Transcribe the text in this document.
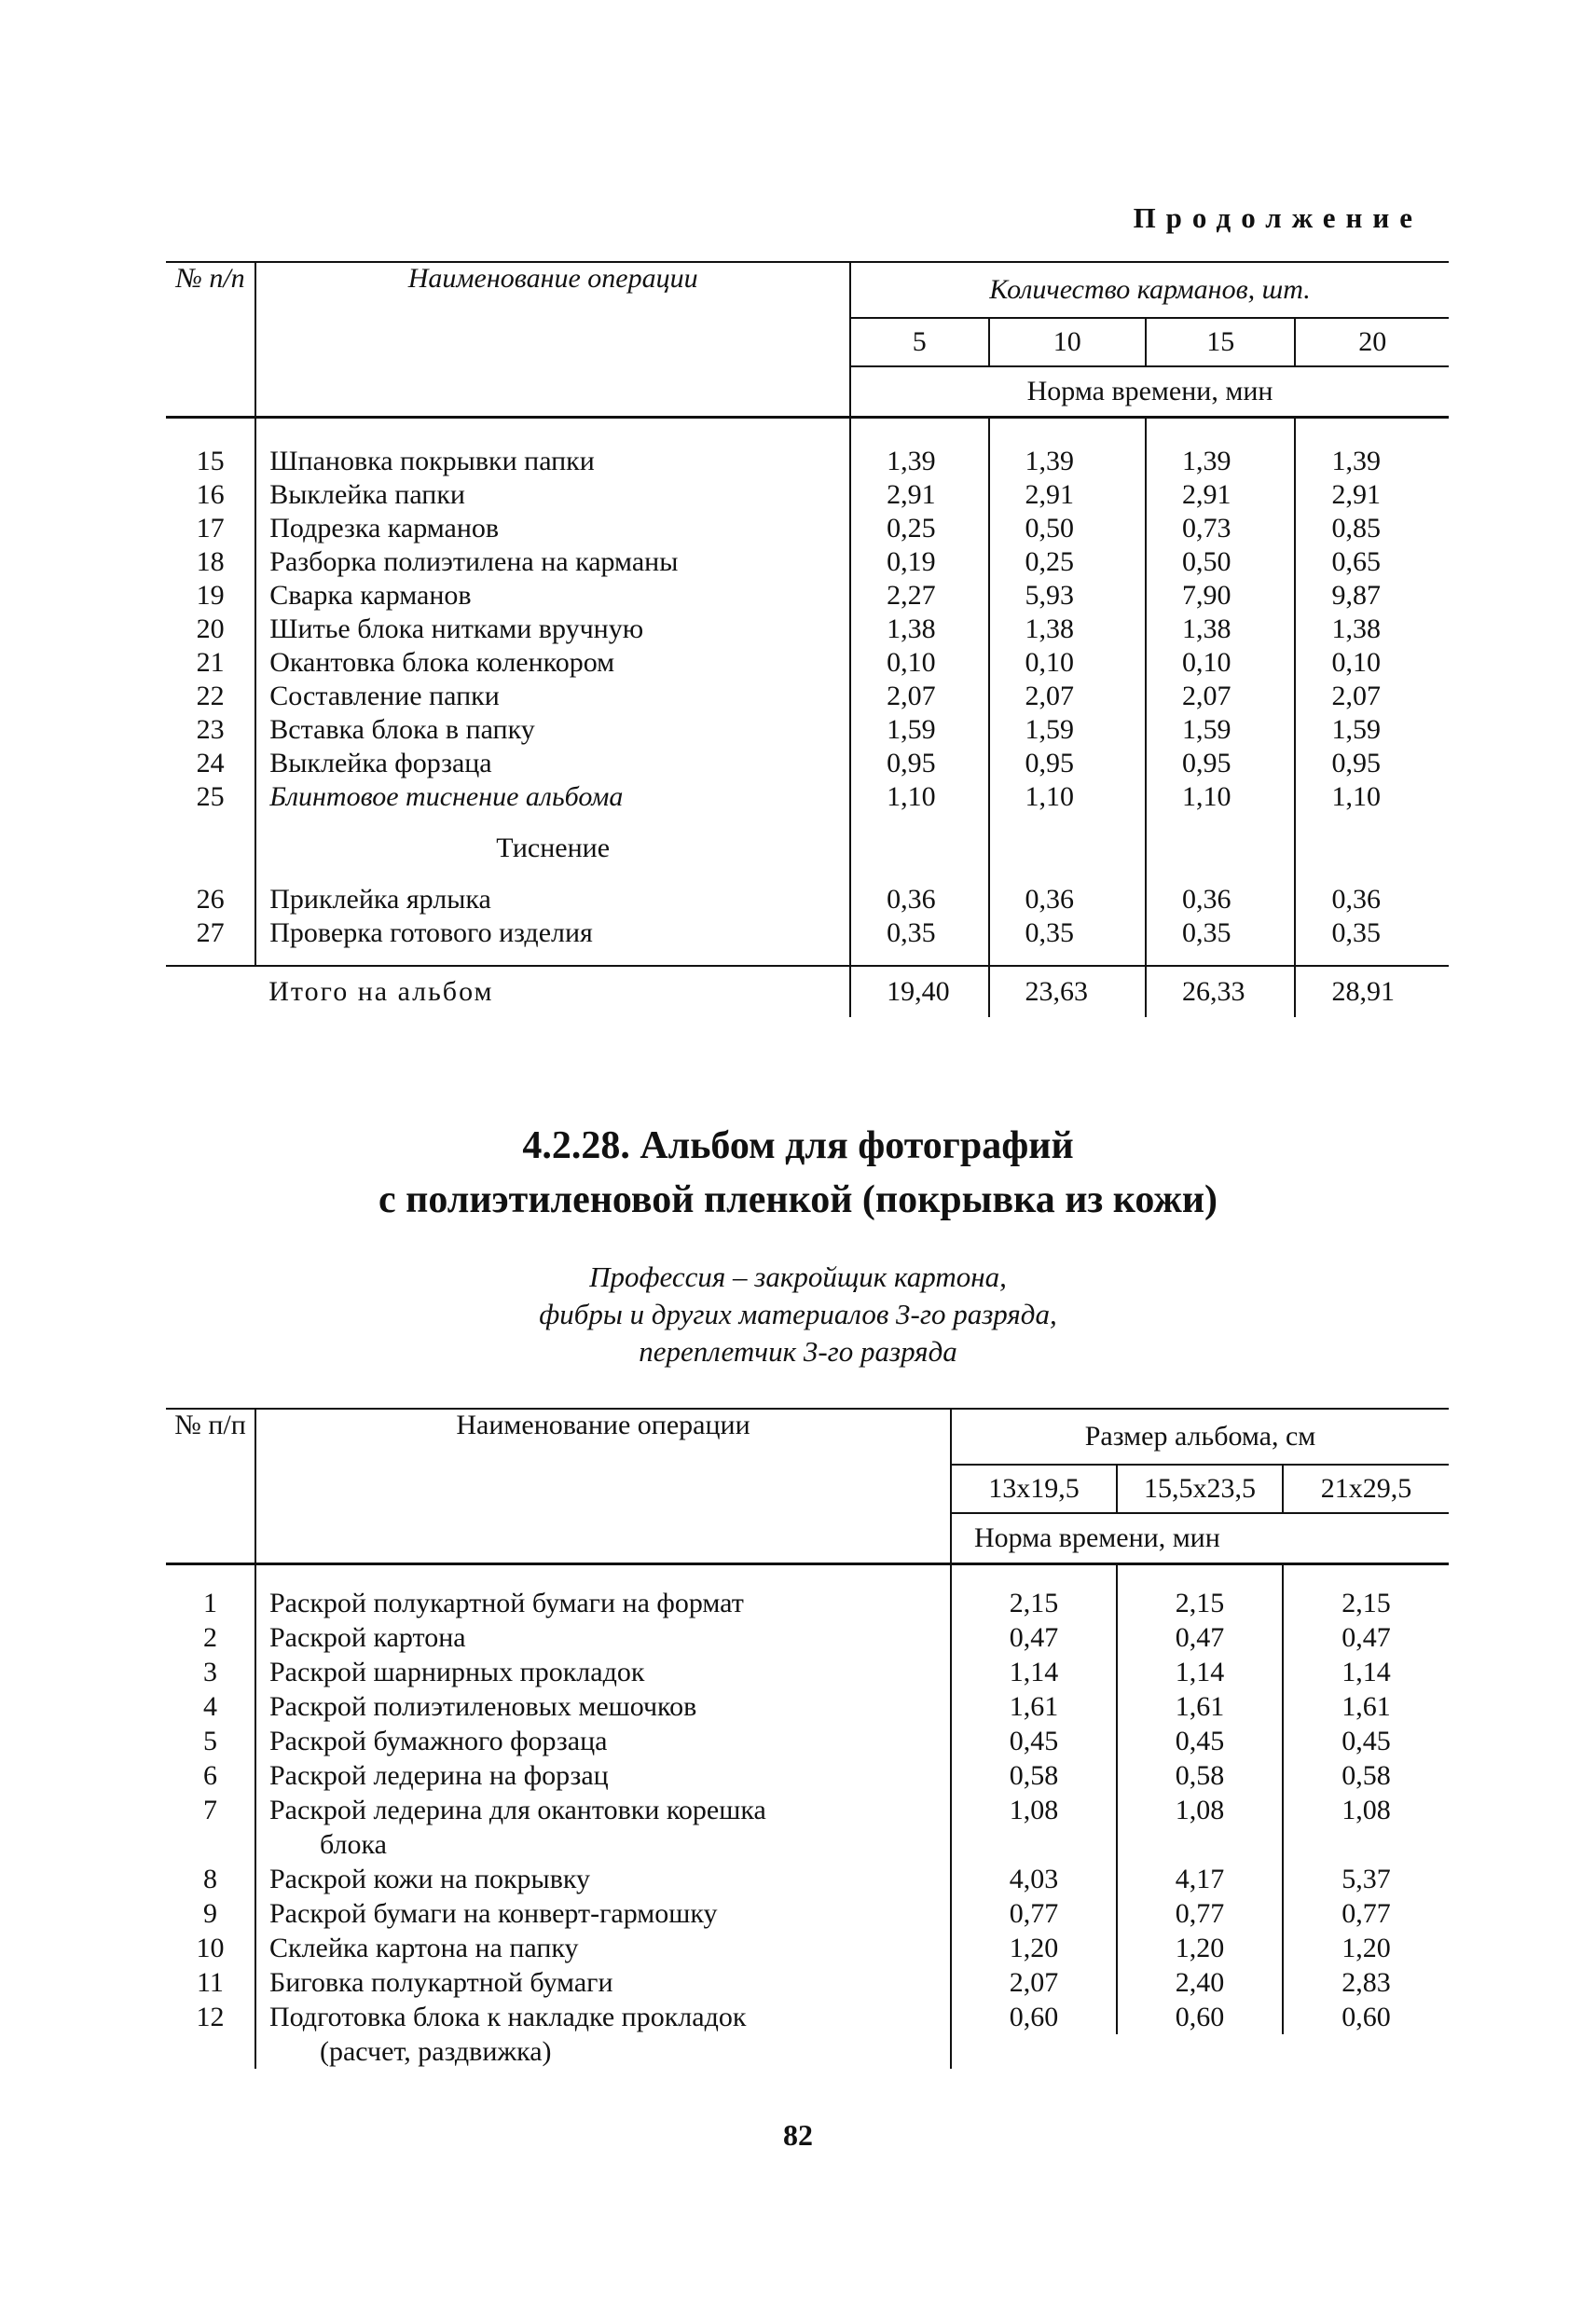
Продолжение
№ п/п	Наименование операции	Количество карманов, шт.			
		5	10	15	20
		Норма времени, мин			

15	Шпановка покрывки папки	1,39	1,39	1,39	1,39
16	Выклейка папки	2,91	2,91	2,91	2,91
17	Подрезка карманов	0,25	0,50	0,73	0,85
18	Разборка полиэтилена на карманы	0,19	0,25	0,50	0,65
19	Сварка карманов	2,27	5,93	7,90	9,87
20	Шитье блока нитками вручную	1,38	1,38	1,38	1,38
21	Окантовка блока коленкором	0,10	0,10	0,10	0,10
22	Составление папки	2,07	2,07	2,07	2,07
23	Вставка блока в папку	1,59	1,59	1,59	1,59
24	Выклейка форзаца	0,95	0,95	0,95	0,95
25	Блинтовое тиснение альбома	1,10	1,10	1,10	1,10
	Тиснение				
26	Приклейка ярлыка	0,36	0,36	0,36	0,36
27	Проверка готового изделия	0,35	0,35	0,35	0,35

	Итого на альбом	19,40	23,63	26,33	28,91
4.2.28. Альбом для фотографий
с полиэтиленовой пленкой (покрывка из кожи)
Профессия – закройщик картона,
фибры и других материалов 3-го разряда,
переплетчик 3-го разряда
№ п/п	Наименование операции	Размер альбома, см		
		13x19,5	15,5x23,5	21x29,5
		Норма времени, мин		

1	Раскрой полукартной бумаги на формат	2,15	2,15	2,15
2	Раскрой картона	0,47	0,47	0,47
3	Раскрой шарнирных прокладок	1,14	1,14	1,14
4	Раскрой полиэтиленовых мешочков	1,61	1,61	1,61
5	Раскрой бумажного форзаца	0,45	0,45	0,45
6	Раскрой ледерина на форзац	0,58	0,58	0,58
7	Раскрой ледерина для окантовки корешка	1,08	1,08	1,08
	блока			
8	Раскрой кожи на покрывку	4,03	4,17	5,37
9	Раскрой бумаги на конверт-гармошку	0,77	0,77	0,77
10	Склейка картона на папку	1,20	1,20	1,20
11	Биговка полукартной бумаги	2,07	2,40	2,83
12	Подготовка блока к накладке прокладок	0,60	0,60	0,60
	(расчет, раздвижка)			
82
